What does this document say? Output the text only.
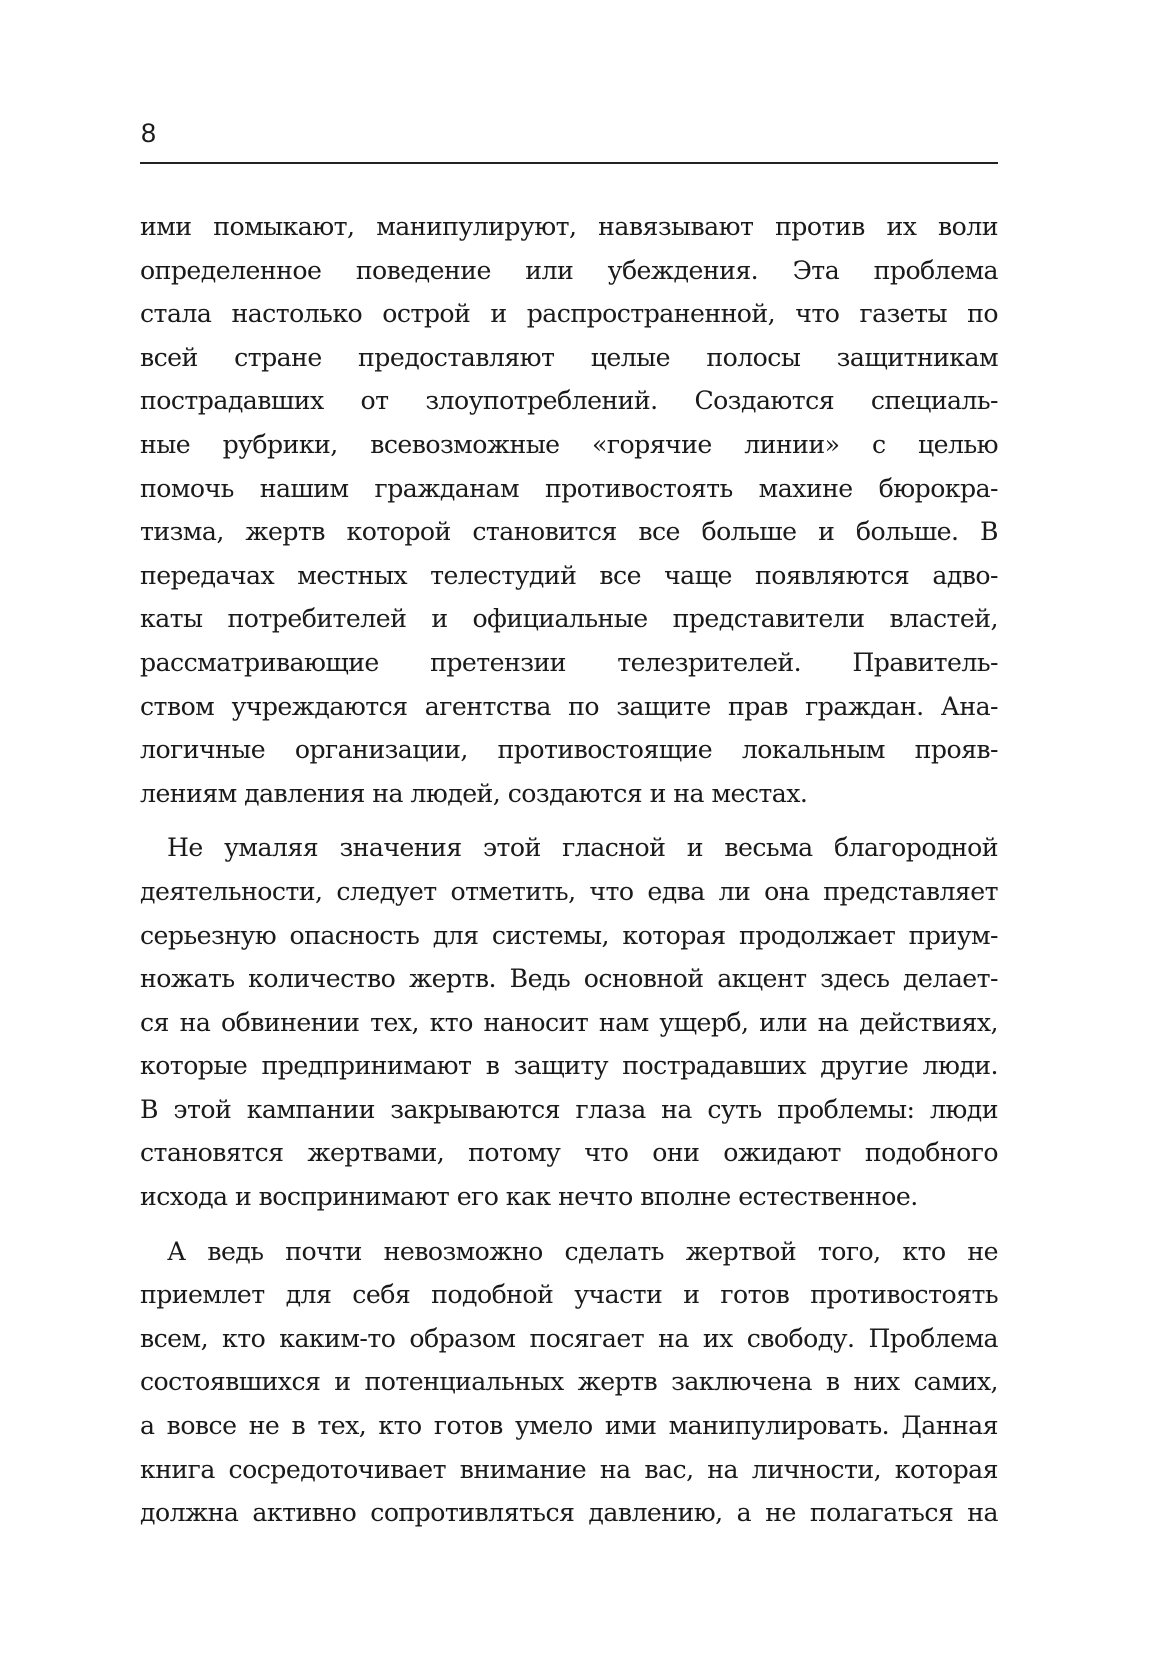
8
ими помыкают, манипулируют, навязывают против их воли
определенное поведение или убеждения. Эта проблема
стала настолько острой и распространенной, что газеты по
всей стране предоставляют целые полосы защитникам
пострадавших от злоупотреблений. Создаются специаль-
ные рубрики, всевозможные «горячие линии» с целью
помочь нашим гражданам противостоять махине бюрокра-
тизма, жертв которой становится все больше и больше. В
передачах местных телестудий все чаще появляются адво-
каты потребителей и официальные представители властей,
рассматривающие претензии телезрителей. Правитель-
ством учреждаются агентства по защите прав граждан. Ана-
логичные организации, противостоящие локальным прояв-
лениям давления на людей, создаются и на местах.
Не умаляя значения этой гласной и весьма благородной
деятельности, следует отметить, что едва ли она представляет
серьезную опасность для системы, которая продолжает приум-
ножать количество жертв. Ведь основной акцент здесь делает-
ся на обвинении тех, кто наносит нам ущерб, или на действиях,
которые предпринимают в защиту пострадавших другие люди.
В этой кампании закрываются глаза на суть проблемы: люди
становятся жертвами, потому что они ожидают подобного
исхода и воспринимают его как нечто вполне естественное.
А ведь почти невозможно сделать жертвой того, кто не
приемлет для себя подобной участи и готов противостоять
всем, кто каким-то образом посягает на их свободу. Проблема
состоявшихся и потенциальных жертв заключена в них самих,
а вовсе не в тех, кто готов умело ими манипулировать. Данная
книга сосредоточивает внимание на вас, на личности, которая
должна активно сопротивляться давлению, а не полагаться на
